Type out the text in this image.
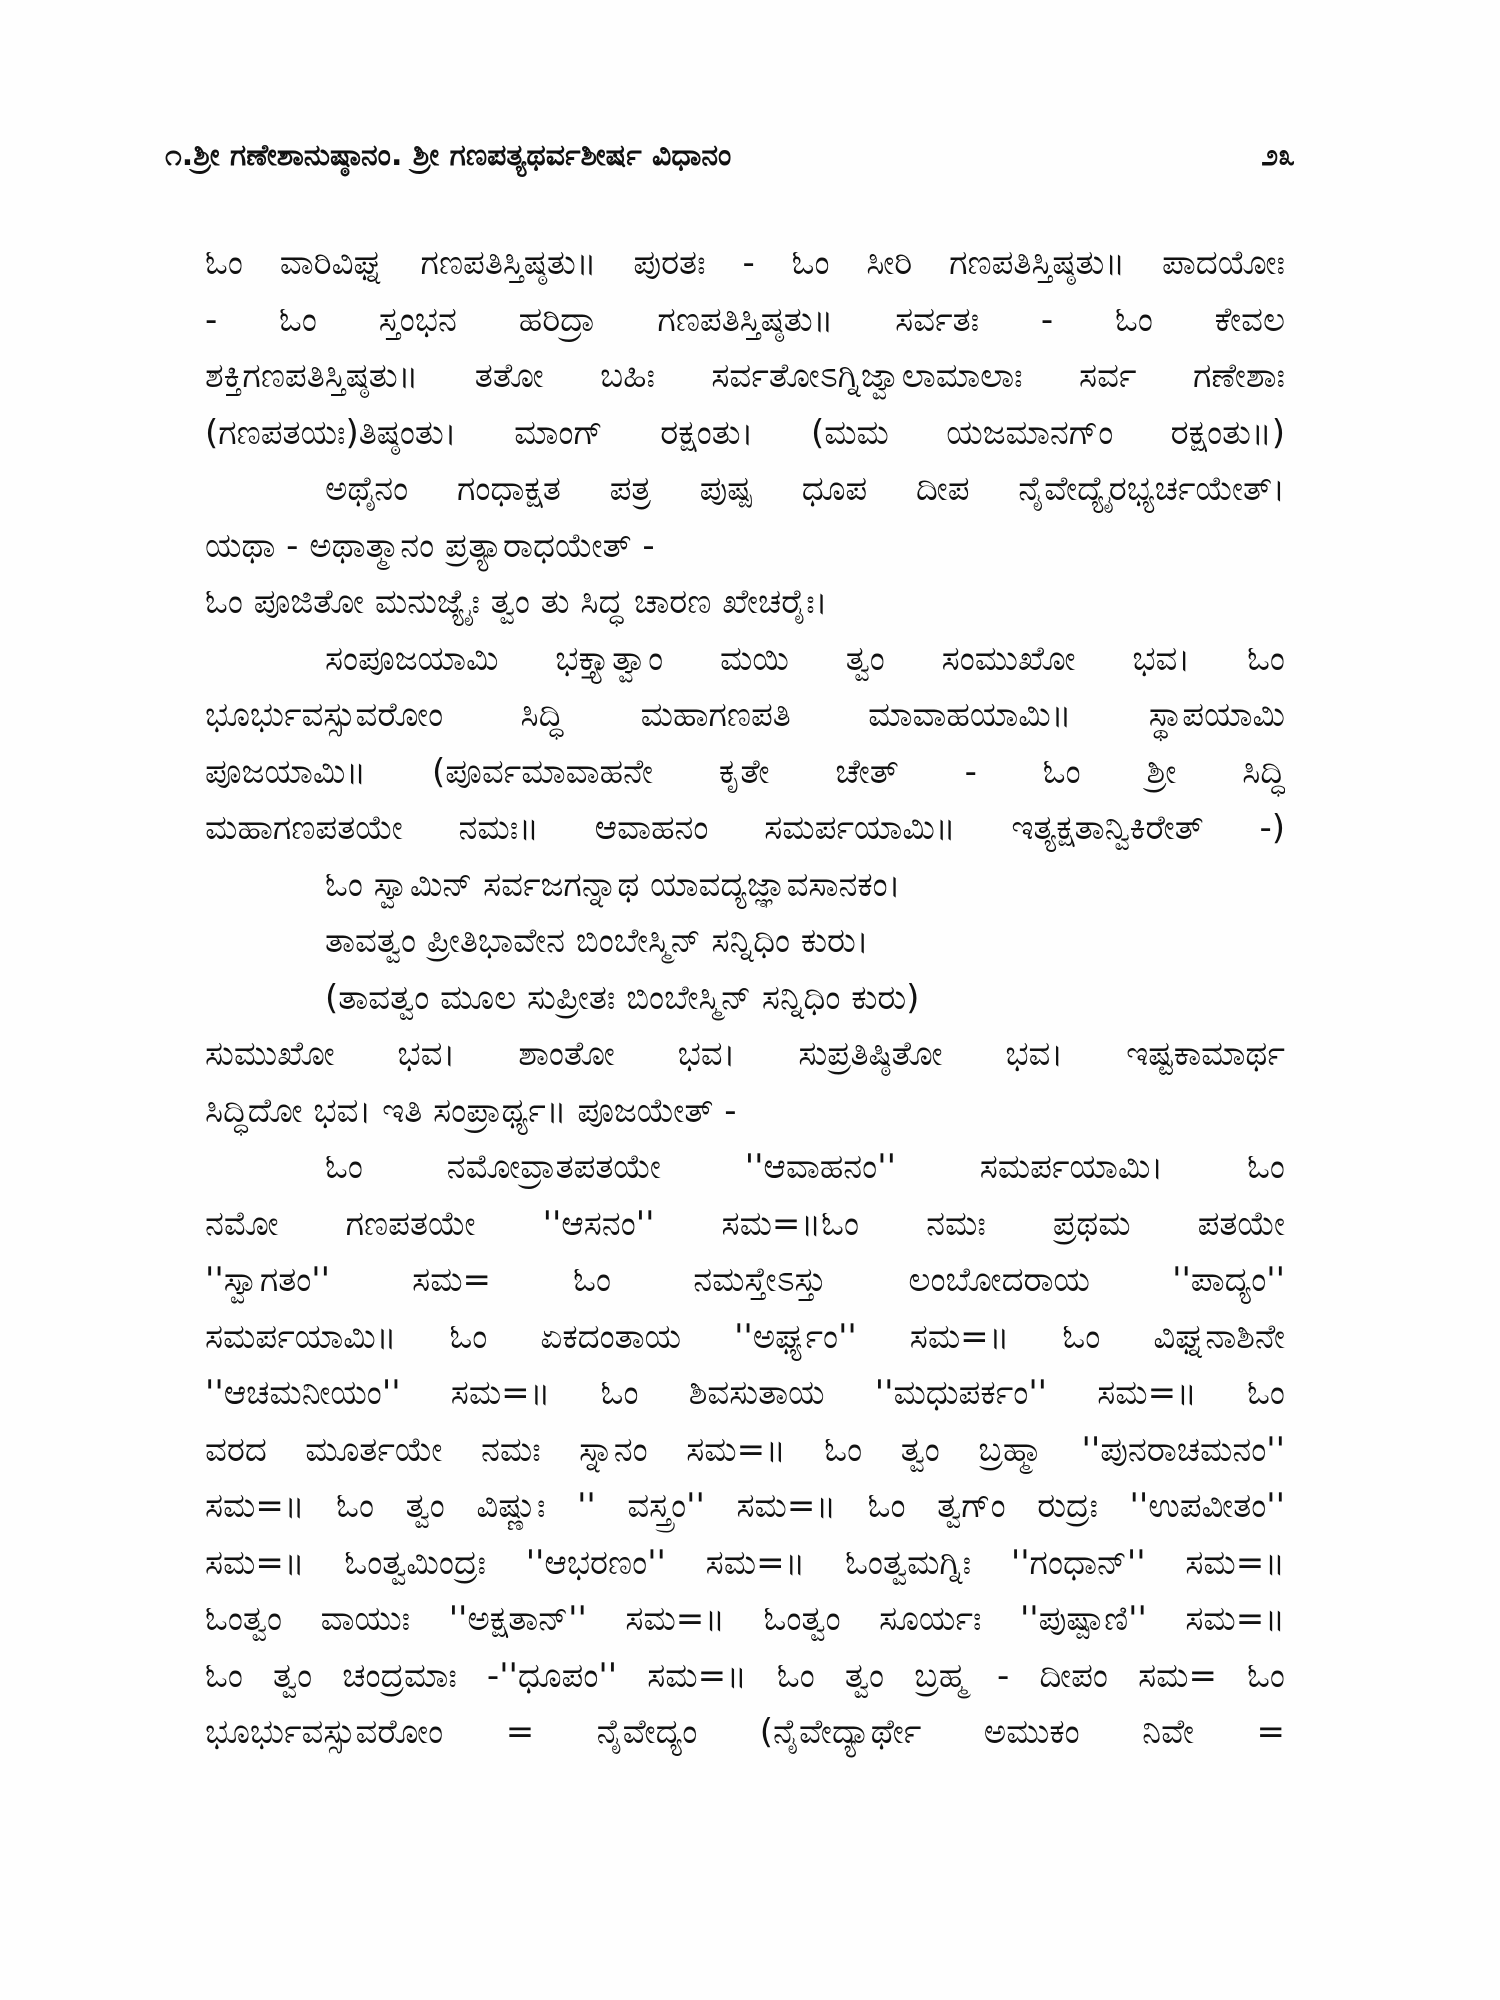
೧.ಶ್ರೀ ಗಣೇಶಾನುಷ್ಠಾನಂ. ಶ್ರೀ ಗಣಪತ್ಯಥರ್ವಶೀರ್ಷ ವಿಧಾನಂ	೨೩
ಓಂ ವಾರಿವಿಘ್ನ ಗಣಪತಿಸ್ತಿಷ್ಠತು॥ ಪುರತಃ - ಓಂ ಸೀರಿ ಗಣಪತಿಸ್ತಿಷ್ಠತು॥ ಪಾದಯೋಃ
- ಓಂ ಸ್ತಂಭನ ಹರಿದ್ರಾ ಗಣಪತಿಸ್ತಿಷ್ಠತು॥ ಸರ್ವತಃ - ಓಂ ಕೇವಲ
ಶಕ್ತಿಗಣಪತಿಸ್ತಿಷ್ಠತು॥ ತತೋ ಬಹಿಃ ಸರ್ವತೋಽಗ್ನಿಜ್ವಾಲಾಮಾಲಾಃ ಸರ್ವ ಗಣೇಶಾಃ
(ಗಣಪತಯಃ)ತಿಷ್ಠಂತು। ಮಾಂಗ್ ರಕ್ಷಂತು। (ಮಮ ಯಜಮಾನಗ್ಂ ರಕ್ಷಂತು॥)
ಅಥೈನಂ ಗಂಧಾಕ್ಷತ ಪತ್ರ ಪುಷ್ಪ ಧೂಪ ದೀಪ ನೈವೇದ್ಯೈರಭ್ಯರ್ಚಯೇತ್।
ಯಥಾ - ಅಥಾತ್ಮಾನಂ ಪ್ರತ್ಯಾರಾಧಯೇತ್ -
ಓಂ ಪೂಜಿತೋ ಮನುಜ್ಯೈಃ ತ್ವಂ ತು ಸಿದ್ಧ ಚಾರಣ ಖೇಚರೈಃ।
ಸಂಪೂಜಯಾಮಿ ಭಕ್ತ್ಯಾತ್ವಾಂ ಮಯಿ ತ್ವಂ ಸಂಮುಖೋ ಭವ। ಓಂ
ಭೂರ್ಭುವಸ್ಸುವರೋಂ ಸಿದ್ಧಿ ಮಹಾಗಣಪತಿ ಮಾವಾಹಯಾಮಿ॥ ಸ್ಥಾಪಯಾಮಿ
ಪೂಜಯಾಮಿ॥ (ಪೂರ್ವಮಾವಾಹನೇ ಕೃತೇ ಚೇತ್ - ಓಂ ಶ್ರೀ ಸಿದ್ಧಿ
ಮಹಾಗಣಪತಯೇ ನಮಃ॥ ಆವಾಹನಂ ಸಮರ್ಪಯಾಮಿ॥ ಇತ್ಯಕ್ಷತಾನ್ವಿಕಿರೇತ್ -)
ಓಂ ಸ್ವಾಮಿನ್ ಸರ್ವಜಗನ್ನಾಥ ಯಾವದ್ಯಜ್ಞಾವಸಾನಕಂ।
ತಾವತ್ವಂ ಪ್ರೀತಿಭಾವೇನ ಬಿಂಬೇಸ್ಮಿನ್ ಸನ್ನಿಧಿಂ ಕುರು।
(ತಾವತ್ವಂ ಮೂಲ ಸುಪ್ರೀತಃ ಬಿಂಬೇಸ್ಮಿನ್ ಸನ್ನಿಧಿಂ ಕುರು)
ಸುಮುಖೋ ಭವ। ಶಾಂತೋ ಭವ। ಸುಪ್ರತಿಷ್ಠಿತೋ ಭವ। ಇಷ್ಟಕಾಮಾರ್ಥ
ಸಿದ್ಧಿದೋ ಭವ। ಇತಿ ಸಂಪ್ರಾರ್ಥ್ಯ॥ ಪೂಜಯೇತ್ -
ಓಂ ನಮೋವ್ರಾತಪತಯೇ ''ಆವಾಹನಂ'' ಸಮರ್ಪಯಾಮಿ। ಓಂ
ನಮೋ ಗಣಪತಯೇ ''ಆಸನಂ'' ಸಮ=॥ಓಂ ನಮಃ ಪ್ರಥಮ ಪತಯೇ
''ಸ್ವಾಗತಂ'' ಸಮ= ಓಂ ನಮಸ್ತೇಽಸ್ತು ಲಂಬೋದರಾಯ ''ಪಾದ್ಯಂ''
ಸಮರ್ಪಯಾಮಿ॥ ಓಂ ಏಕದಂತಾಯ ''ಅರ್ಘ್ಯಂ'' ಸಮ=॥ ಓಂ ವಿಘ್ನನಾಶಿನೇ
''ಆಚಮನೀಯಂ'' ಸಮ=॥ ಓಂ ಶಿವಸುತಾಯ ''ಮಧುಪರ್ಕಂ'' ಸಮ=॥ ಓಂ
ವರದ ಮೂರ್ತಯೇ ನಮಃ ಸ್ನಾನಂ ಸಮ=॥ ಓಂ ತ್ವಂ ಬ್ರಹ್ಮಾ ''ಪುನರಾಚಮನಂ''
ಸಮ=॥ ಓಂ ತ್ವಂ ವಿಷ್ಣುಃ '' ವಸ್ತ್ರಂ'' ಸಮ=॥ ಓಂ ತ್ವಗ್ಂ ರುದ್ರಃ ''ಉಪವೀತಂ''
ಸಮ=॥ ಓಂತ್ವಮಿಂದ್ರಃ ''ಆಭರಣಂ'' ಸಮ=॥ ಓಂತ್ವಮಗ್ನಿಃ ''ಗಂಧಾನ್'' ಸಮ=॥
ಓಂತ್ವಂ ವಾಯುಃ ''ಅಕ್ಷತಾನ್'' ಸಮ=॥ ಓಂತ್ವಂ ಸೂರ್ಯಃ ''ಪುಷ್ಪಾಣಿ'' ಸಮ=॥
ಓಂ ತ್ವಂ ಚಂದ್ರಮಾಃ -''ಧೂಪಂ'' ಸಮ=॥ ಓಂ ತ್ವಂ ಬ್ರಹ್ಮ - ದೀಪಂ ಸಮ= ಓಂ
ಭೂರ್ಭುವಸ್ಸುವರೋಂ = ನೈವೇದ್ಯಂ (ನೈವೇದ್ಯಾರ್ಥೇ ಅಮುಕಂ ನಿವೇ =
